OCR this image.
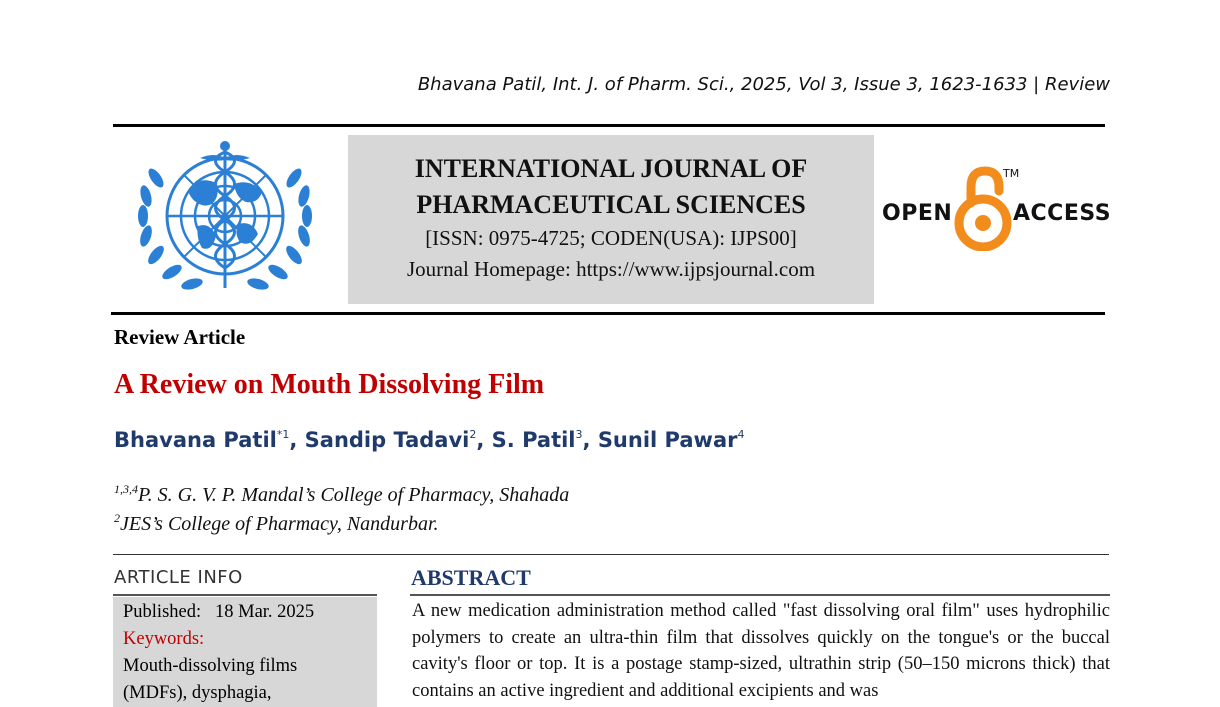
Bhavana Patil, Int. J. of Pharm. Sci., 2025, Vol 3, Issue 3, 1623-1633 | Review
INTERNATIONAL JOURNAL OF
PHARMACEUTICAL SCIENCES
[ISSN: 0975-4725; CODEN(USA): IJPS00]
Journal Homepage: https://www.ijpsjournal.com
OPEN
TM
ACCESS
Review Article
A Review on Mouth Dissolving Film
Bhavana Patil$^{*1}$, Sandip Tadavi$^2$, S. Patil$^3$, Sunil Pawar$^4$
$^{1,3,4}$P. S. G. V. P. Mandal’s College of Pharmacy, Shahada
$^2$JES’s College of Pharmacy, Nandurbar.
ARTICLE INFO
Published: 18 Mar. 2025
Keywords:
Mouth-dissolving films
(MDFs), dysphagia,
ABSTRACT
A new medication administration method called "fast dissolving oral film" uses hydrophilic polymers to create an ultra-thin film that dissolves quickly on the tongue's or the buccal cavity's floor or top. It is a postage stamp-sized, ultrathin strip (50–150 microns thick) that contains an active ingredient and additional excipients and was
